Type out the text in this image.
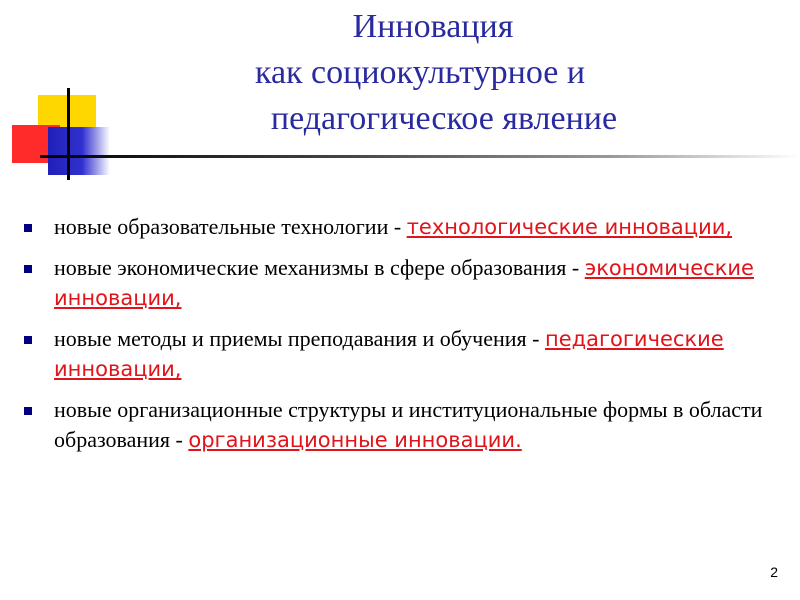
Инновация
как социокультурное и
педагогическое явление
новые образовательные технологии - технологические инновации,
новые экономические механизмы в сфере образования - экономические инновации,
новые методы и приемы преподавания и обучения - педагогические инновации,
новые организационные структуры и институциональные формы в области образования - организационные инновации.
2
